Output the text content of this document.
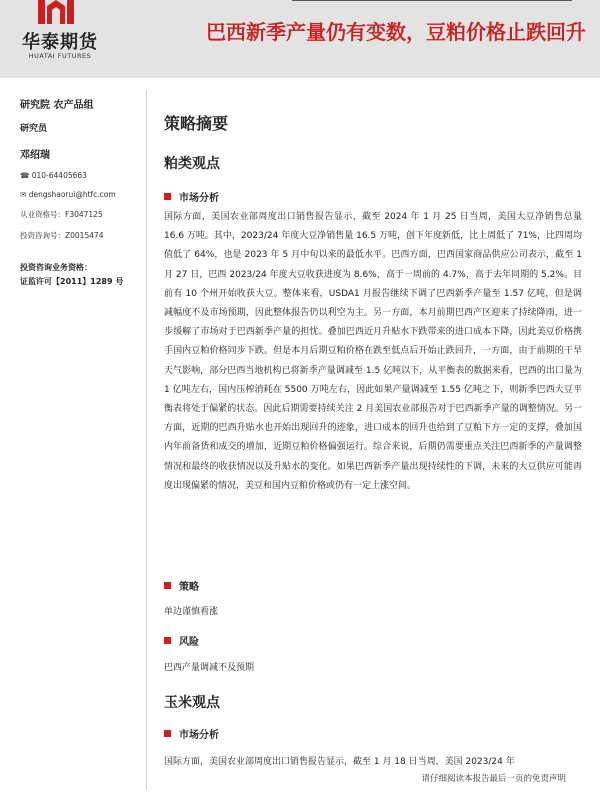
华泰期货
HUATAI FUTURES
巴西新季产量仍有变数，豆粕价格止跌回升
研究院 农产品组
研究员
邓绍瑞
☎ 010-64405663
✉ dengshaorui@htfc.com
从业资格号：F3047125
投资咨询号：Z0015474
投资咨询业务资格：
证监许可【2011】1289 号
策略摘要
粕类观点
市场分析
国际方面，美国农业部周度出口销售报告显示，截至 2024 年 1 月 25 日当周，美国大豆净销售总量 16.6 万吨。其中，2023/24 年度大豆净销售量 16.5 万吨，创下年度新低，比上周低了 71%，比四周均值低了 64%，也是 2023 年 5 月中旬以来的最低水平。巴西方面，巴西国家商品供应公司表示，截至 1 月 27 日，巴西 2023/24 年度大豆收获进度为 8.6%，高于一周前的 4.7%，高于去年同期的 5.2%。目前有 10 个州开始收获大豆。整体来看，USDA1 月报告继续下调了巴西新季产量至 1.57 亿吨，但是调减幅度不及市场预期，因此整体报告仍以利空为主。另一方面，本月前期巴西产区迎来了持续降雨，进一步缓解了市场对于巴西新季产量的担忧。叠加巴西近月升贴水下跌带来的进口成本下降，因此美豆价格携手国内豆粕价格同步下跌。但是本月后期豆粕价格在跌至低点后开始止跌回升，一方面，由于前期的干旱天气影响，部分巴西当地机构已将新季产量调减至 1.5 亿吨以下，从平衡表的数据来看，巴西的出口量为 1 亿吨左右，国内压榨消耗在 5500 万吨左右，因此如果产量调减至 1.55 亿吨之下，则新季巴西大豆平衡表将处于偏紧的状态。因此后期需要持续关注 2 月美国农业部报告对于巴西新季产量的调整情况。另一方面，近期的巴西升贴水也开始出现回升的迹象，进口成本的回升也给到了豆粕下方一定的支撑，叠加国内年前备货和成交的增加，近期豆粕价格偏强运行。综合来说，后期仍需要重点关注巴西新季的产量调整情况和最终的收获情况以及升贴水的变化。如果巴西新季产量出现持续性的下调，未来的大豆供应可能再度出现偏紧的情况，美豆和国内豆粕价格或仍有一定上涨空间。
策略
单边谨慎看涨
风险
巴西产量调减不及预期
玉米观点
市场分析
国际方面，美国农业部周度出口销售报告显示，截至 1 月 18 日当周，美国 2023/24 年
请仔细阅读本报告最后一页的免责声明
